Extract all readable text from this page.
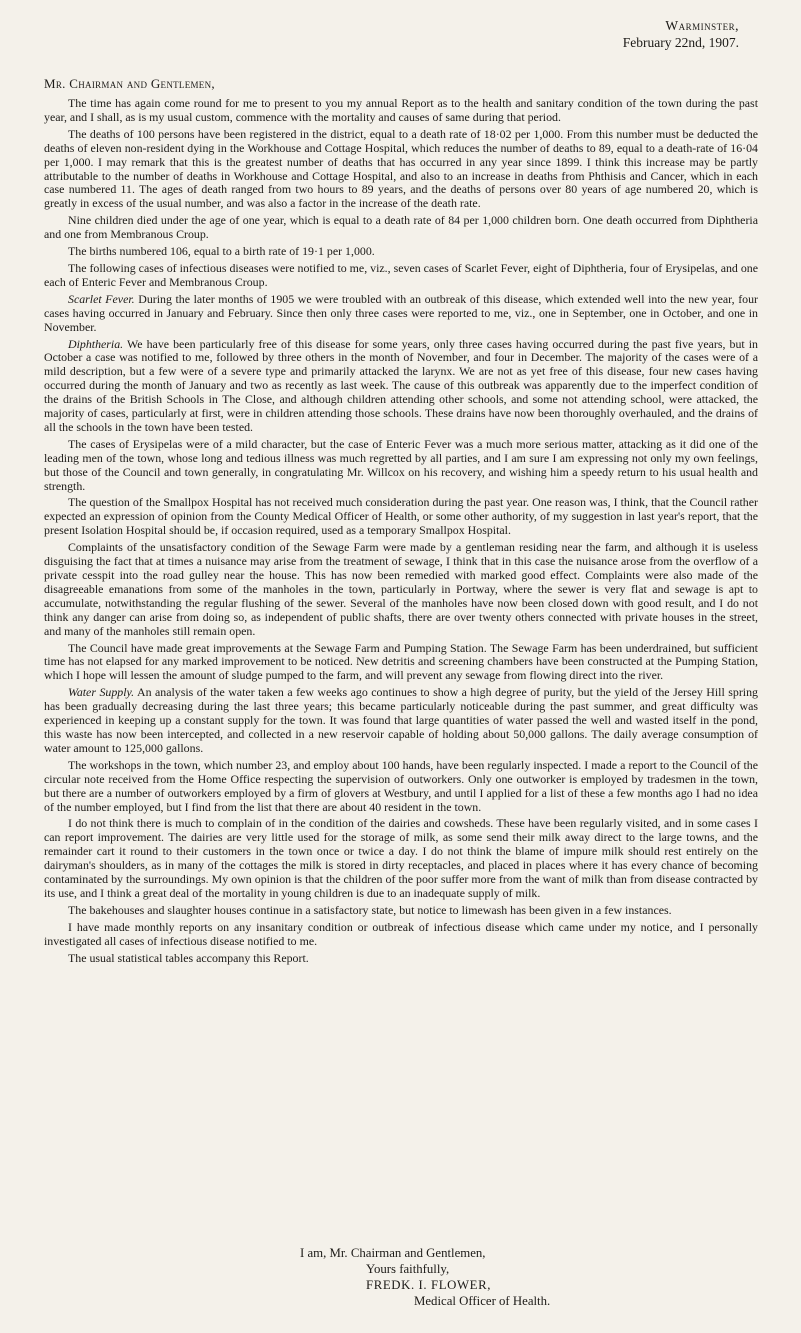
Warminster,
February 22nd, 1907.
Mr. Chairman and Gentlemen,

The time has again come round for me to present to you my annual Report as to the health and sanitary condition of the town during the past year, and I shall, as is my usual custom, commence with the mortality and causes of same during that period.

The deaths of 100 persons have been registered in the district, equal to a death rate of 18·02 per 1,000. From this number must be deducted the deaths of eleven non-resident dying in the Workhouse and Cottage Hospital, which reduces the number of deaths to 89, equal to a death-rate of 16·04 per 1,000. I may remark that this is the greatest number of deaths that has occurred in any year since 1899. I think this increase may be partly attributable to the number of deaths in Workhouse and Cottage Hospital, and also to an increase in deaths from Phthisis and Cancer, which in each case numbered 11. The ages of death ranged from two hours to 89 years, and the deaths of persons over 80 years of age numbered 20, which is greatly in excess of the usual number, and was also a factor in the increase of the death rate.

Nine children died under the age of one year, which is equal to a death rate of 84 per 1,000 children born. One death occurred from Diphtheria and one from Membranous Croup.

The births numbered 106, equal to a birth rate of 19·1 per 1,000.

The following cases of infectious diseases were notified to me, viz., seven cases of Scarlet Fever, eight of Diphtheria, four of Erysipelas, and one each of Enteric Fever and Membranous Croup.

Scarlet Fever. During the later months of 1905 we were troubled with an outbreak of this disease, which extended well into the new year, four cases having occurred in January and February. Since then only three cases were reported to me, viz., one in September, one in October, and one in November.

Diphtheria. We have been particularly free of this disease for some years, only three cases having occurred during the past five years, but in October a case was notified to me, followed by three others in the month of November, and four in December. The majority of the cases were of a mild description, but a few were of a severe type and primarily attacked the larynx. We are not as yet free of this disease, four new cases having occurred during the month of January and two as recently as last week. The cause of this outbreak was apparently due to the imperfect condition of the drains of the British Schools in The Close, and although children attending other schools, and some not attending school, were attacked, the majority of cases, particularly at first, were in children attending those schools. These drains have now been thoroughly overhauled, and the drains of all the schools in the town have been tested.

The cases of Erysipelas were of a mild character, but the case of Enteric Fever was a much more serious matter, attacking as it did one of the leading men of the town, whose long and tedious illness was much regretted by all parties, and I am sure I am expressing not only my own feelings, but those of the Council and town generally, in congratulating Mr. Willcox on his recovery, and wishing him a speedy return to his usual health and strength.

The question of the Smallpox Hospital has not received much consideration during the past year. One reason was, I think, that the Council rather expected an expression of opinion from the County Medical Officer of Health, or some other authority, of my suggestion in last year's report, that the present Isolation Hospital should be, if occasion required, used as a temporary Smallpox Hospital.

Complaints of the unsatisfactory condition of the Sewage Farm were made by a gentleman residing near the farm, and although it is useless disguising the fact that at times a nuisance may arise from the treatment of sewage, I think that in this case the nuisance arose from the overflow of a private cesspit into the road gulley near the house. This has now been remedied with marked good effect. Complaints were also made of the disagreeable emanations from some of the manholes in the town, particularly in Portway, where the sewer is very flat and sewage is apt to accumulate, notwithstanding the regular flushing of the sewer. Several of the manholes have now been closed down with good result, and I do not think any danger can arise from doing so, as independent of public shafts, there are over twenty others connected with private houses in the street, and many of the manholes still remain open.

The Council have made great improvements at the Sewage Farm and Pumping Station. The Sewage Farm has been underdrained, but sufficient time has not elapsed for any marked improvement to be noticed. New detritis and screening chambers have been constructed at the Pumping Station, which I hope will lessen the amount of sludge pumped to the farm, and will prevent any sewage from flowing direct into the river.

Water Supply. An analysis of the water taken a few weeks ago continues to show a high degree of purity, but the yield of the Jersey Hill spring has been gradually decreasing during the last three years; this became particularly noticeable during the past summer, and great difficulty was experienced in keeping up a constant supply for the town. It was found that large quantities of water passed the well and wasted itself in the pond, this waste has now been intercepted, and collected in a new reservoir capable of holding about 50,000 gallons. The daily average consumption of water amount to 125,000 gallons.

The workshops in the town, which number 23, and employ about 100 hands, have been regularly inspected. I made a report to the Council of the circular note received from the Home Office respecting the supervision of outworkers. Only one outworker is employed by tradesmen in the town, but there are a number of outworkers employed by a firm of glovers at Westbury, and until I applied for a list of these a few months ago I had no idea of the number employed, but I find from the list that there are about 40 resident in the town.

I do not think there is much to complain of in the condition of the dairies and cowsheds. These have been regularly visited, and in some cases I can report improvement. The dairies are very little used for the storage of milk, as some send their milk away direct to the large towns, and the remainder cart it round to their customers in the town once or twice a day. I do not think the blame of impure milk should rest entirely on the dairyman's shoulders, as in many of the cottages the milk is stored in dirty receptacles, and placed in places where it has every chance of becoming contaminated by the surroundings. My own opinion is that the children of the poor suffer more from the want of milk than from disease contracted by its use, and I think a great deal of the mortality in young children is due to an inadequate supply of milk.

The bakehouses and slaughter houses continue in a satisfactory state, but notice to limewash has been given in a few instances.

I have made monthly reports on any insanitary condition or outbreak of infectious disease which came under my notice, and I personally investigated all cases of infectious disease notified to me.

The usual statistical tables accompany this Report.

I am, Mr. Chairman and Gentlemen,
Yours faithfully,
FREDK. I. FLOWER,
Medical Officer of Health.
